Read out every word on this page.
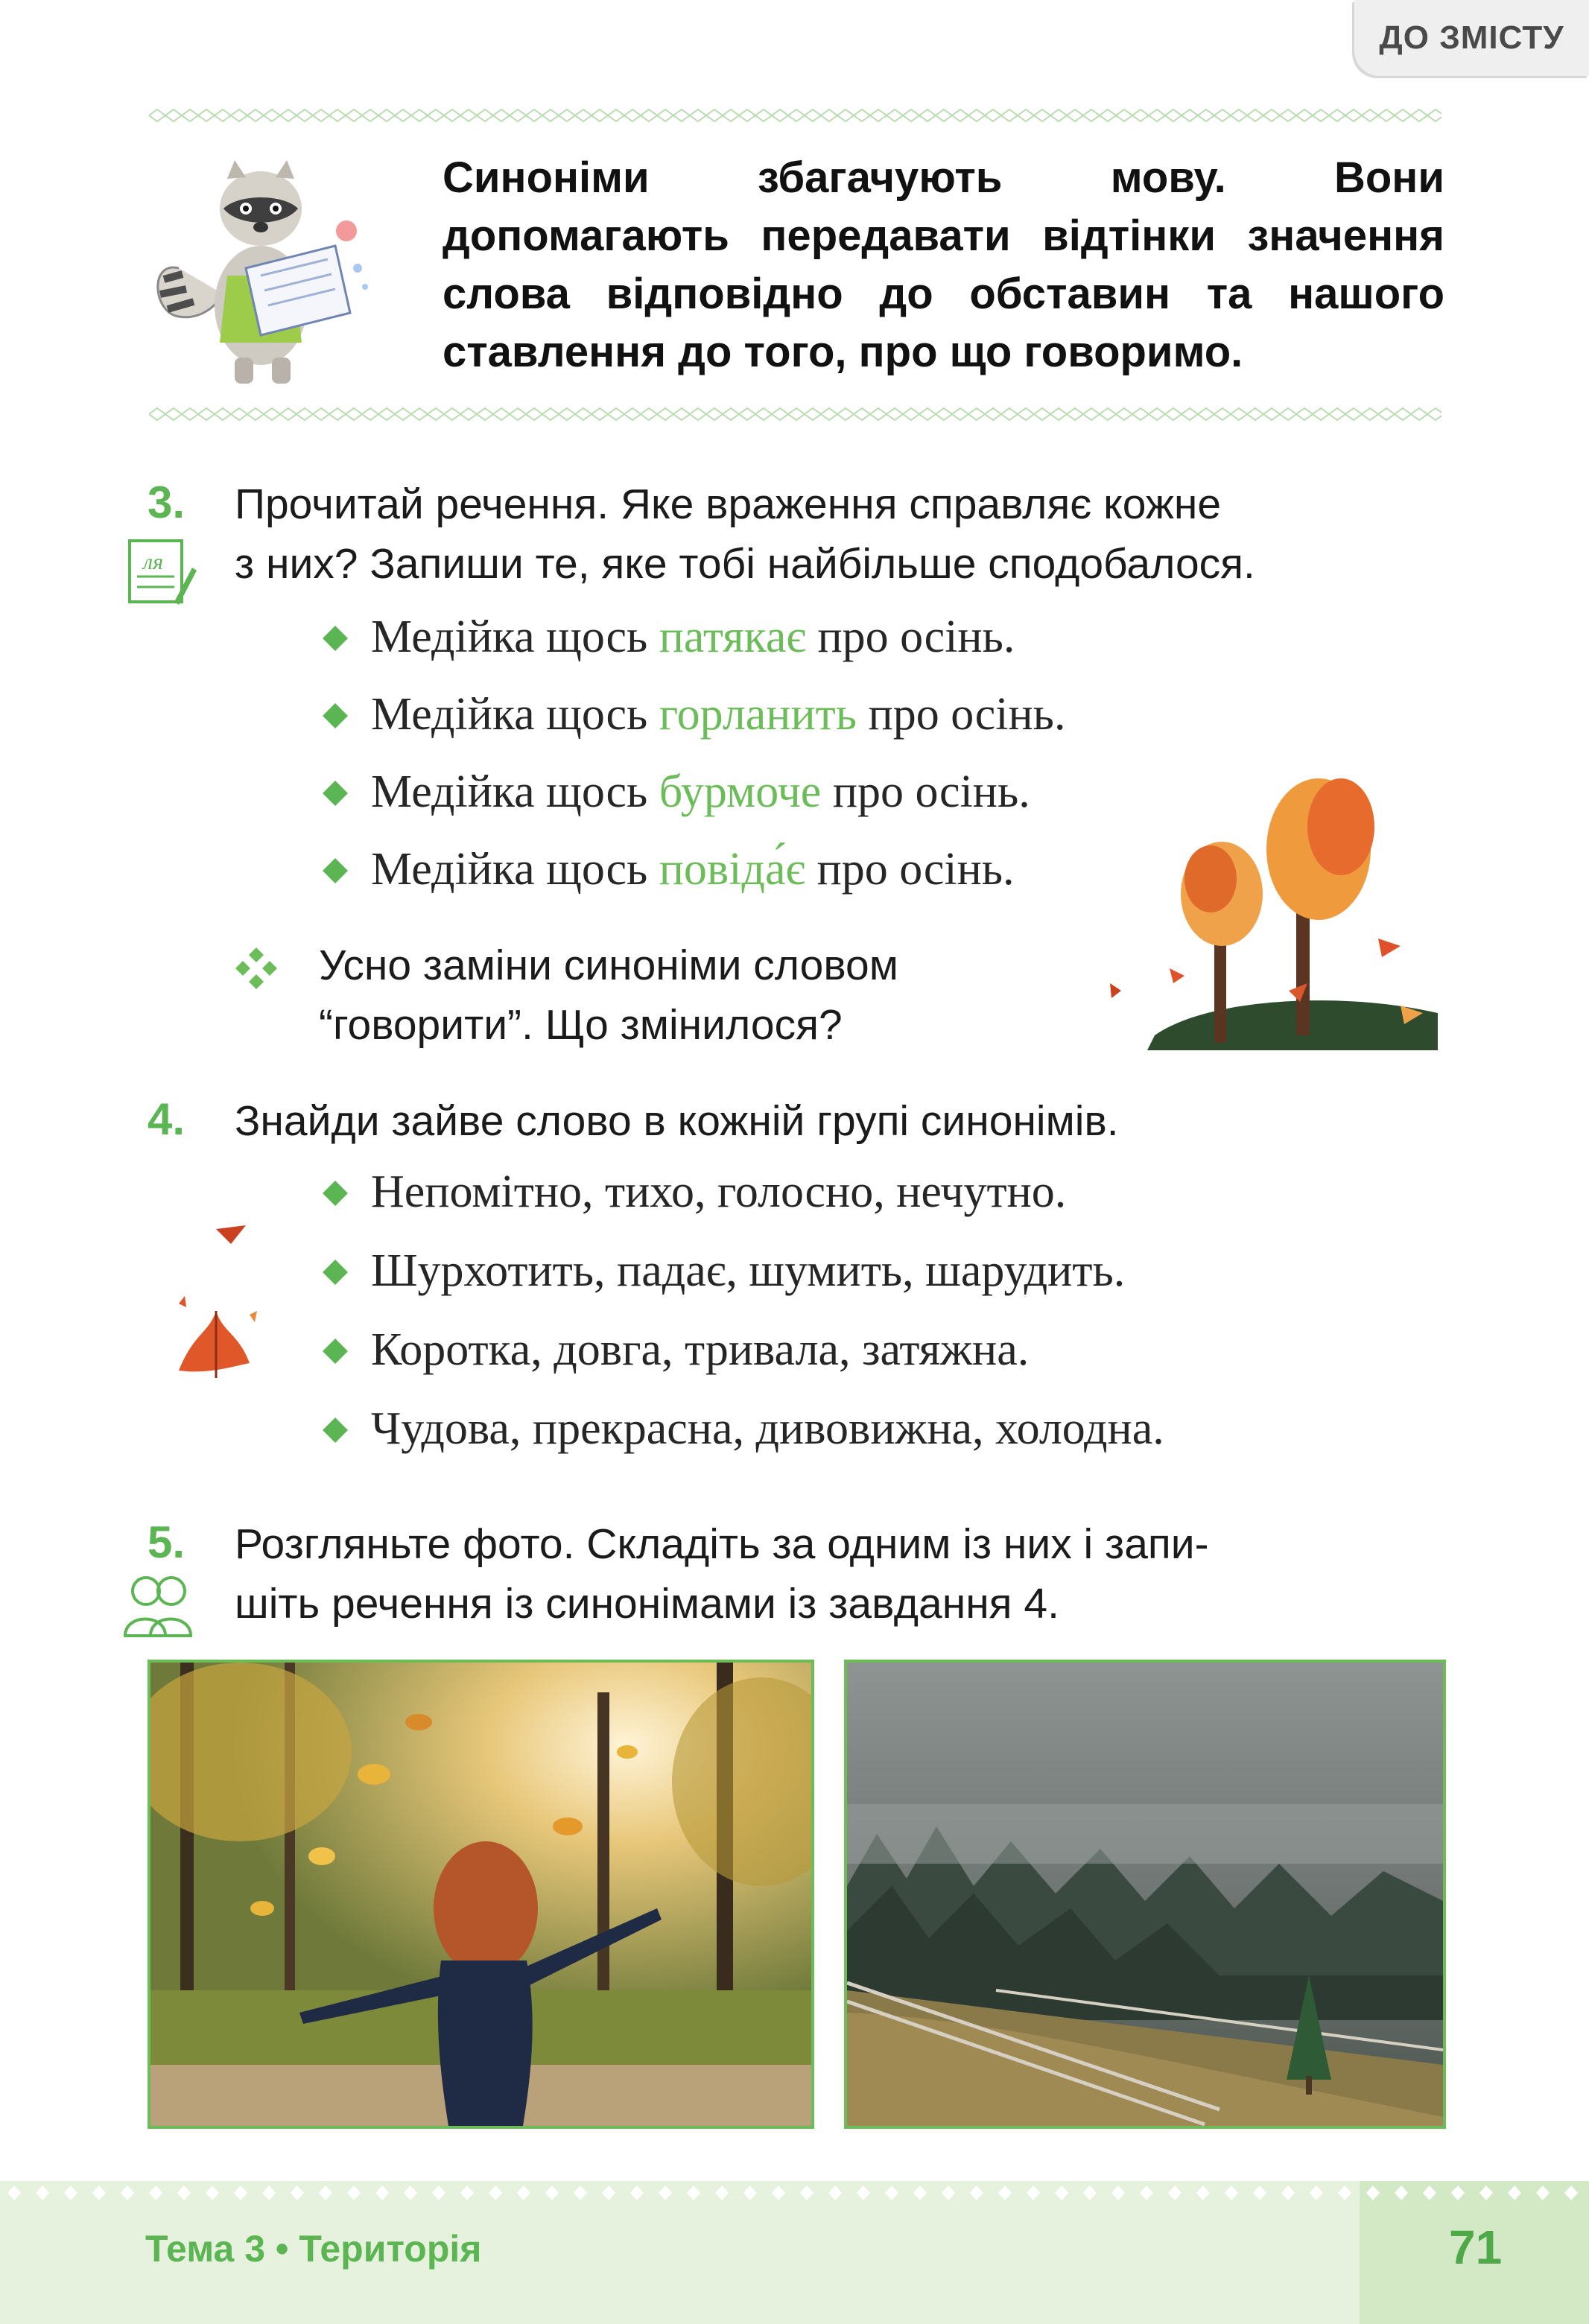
ДО ЗМІСТУ
Синоніми збагачують мову. Вони допомагають передавати відтінки значення слова відповідно до обставин та нашого ставлення до того, про що говоримо.
3.
ля
Прочитай речення. Яке враження справляє кожне
з них? Запиши те, яке тобі найбільше сподобалося.
Медійка щось патякає про осінь.
Медійка щось горланить про осінь.
Медійка щось бурмоче про осінь.
Медійка щось повіда́є про осінь.
Усно заміни синоніми словом
“говорити”. Що змінилося?
4. Знайди зайве слово в кожній групі синонімів.
Непомітно, тихо, голосно, нечутно.
Шурхотить, падає, шумить, шарудить.
Коротка, довга, тривала, затяжна.
Чудова, прекрасна, дивовижна, холодна.
5. Розгляньте фото. Складіть за одним із них і запи-
шіть речення із синонімами із завдання 4.
Тема 3 • Територія	71
